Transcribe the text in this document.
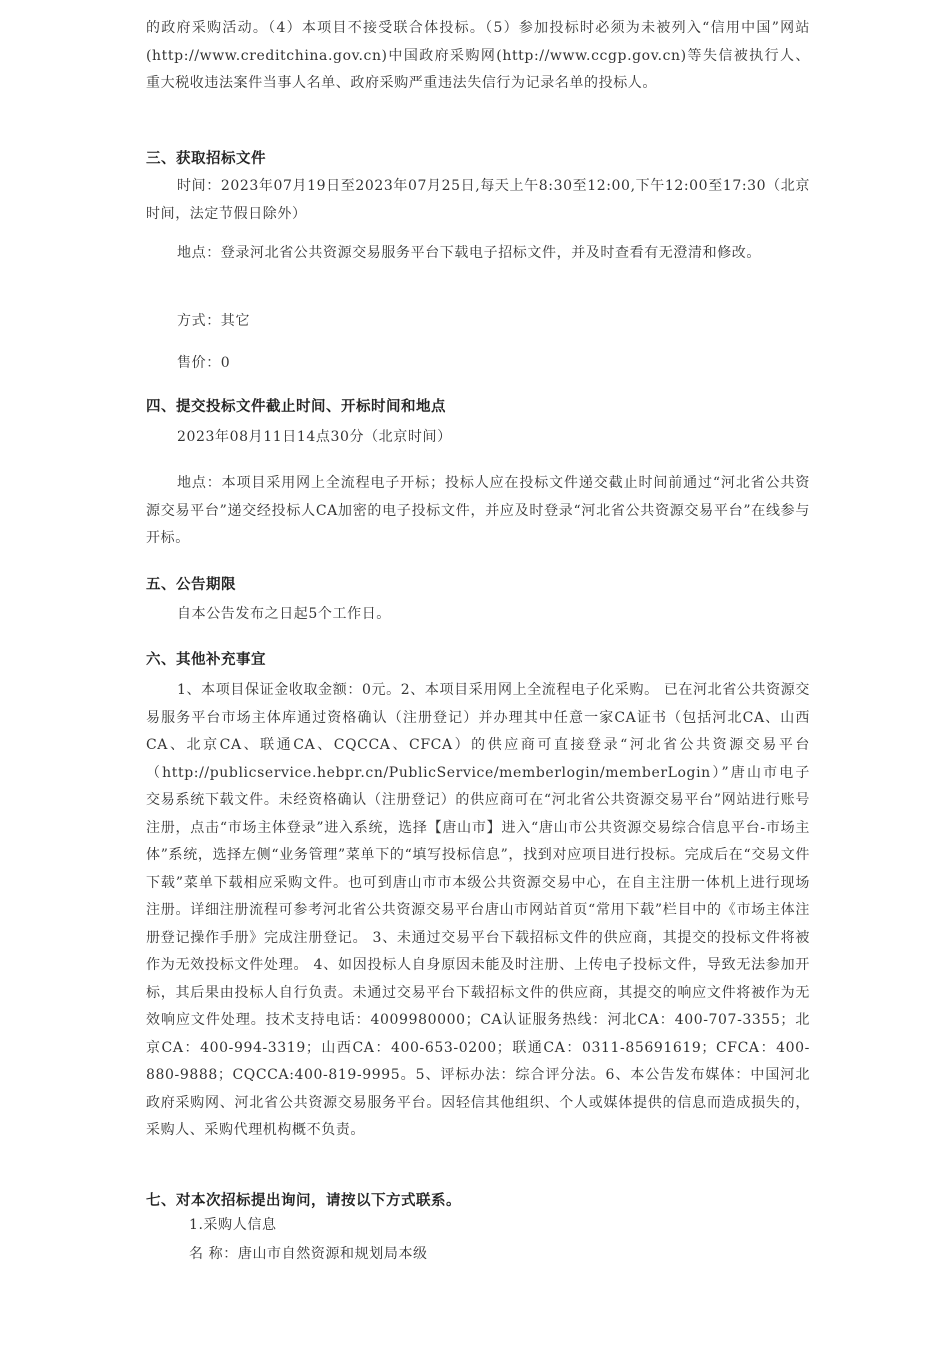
的政府采购活动。（4）本项目不接受联合体投标。（5）参加投标时必须为未被列入“信用中国”网站(http://www.creditchina.gov.cn)中国政府采购网(http://www.ccgp.gov.cn)等失信被执行人、重大税收违法案件当事人名单、政府采购严重违法失信行为记录名单的投标人。

三、获取招标文件

时间：2023年07月19日至2023年07月25日,每天上午8:30至12:00,下午12:00至17:30（北京时间，法定节假日除外）

地点：登录河北省公共资源交易服务平台下载电子招标文件，并及时查看有无澄清和修改。

方式：其它

售价：0

四、提交投标文件截止时间、开标时间和地点

2023年08月11日14点30分（北京时间）

地点：本项目采用网上全流程电子开标；投标人应在投标文件递交截止时间前通过“河北省公共资源交易平台”递交经投标人CA加密的电子投标文件，并应及时登录“河北省公共资源交易平台”在线参与开标。

五、公告期限

自本公告发布之日起5个工作日。

六、其他补充事宜

1、本项目保证金收取金额：0元。2、本项目采用网上全流程电子化采购。 已在河北省公共资源交易服务平台市场主体库通过资格确认（注册登记）并办理其中任意一家CA证书（包括河北CA、山西CA、北京CA、联通CA、CQCCA、CFCA）的供应商可直接登录“河北省公共资源交易平台（http://publicservice.hebpr.cn/PublicService/memberlogin/memberLogin）”唐山市电子交易系统下载文件。未经资格确认（注册登记）的供应商可在“河北省公共资源交易平台”网站进行账号注册，点击“市场主体登录”进入系统，选择【唐山市】进入“唐山市公共资源交易综合信息平台-市场主体”系统，选择左侧“业务管理”菜单下的“填写投标信息”，找到对应项目进行投标。完成后在“交易文件下载”菜单下载相应采购文件。也可到唐山市市本级公共资源交易中心，在自主注册一体机上进行现场注册。详细注册流程可参考河北省公共资源交易平台唐山市网站首页“常用下载”栏目中的《市场主体注册登记操作手册》完成注册登记。 3、未通过交易平台下载招标文件的供应商，其提交的投标文件将被作为无效投标文件处理。 4、如因投标人自身原因未能及时注册、上传电子投标文件，导致无法参加开标，其后果由投标人自行负责。未通过交易平台下载招标文件的供应商，其提交的响应文件将被作为无效响应文件处理。技术支持电话：4009980000；CA认证服务热线：河北CA：400-707-3355；北京CA：400-994-3319；山西CA：400-653-0200；联通CA：0311-85691619；CFCA：400-880-9888；CQCCA:400-819-9995。5、评标办法：综合评分法。6、本公告发布媒体：中国河北政府采购网、河北省公共资源交易服务平台。因轻信其他组织、个人或媒体提供的信息而造成损失的，采购人、采购代理机构概不负责。

七、对本次招标提出询问，请按以下方式联系。

1.采购人信息

名 称：唐山市自然资源和规划局本级
